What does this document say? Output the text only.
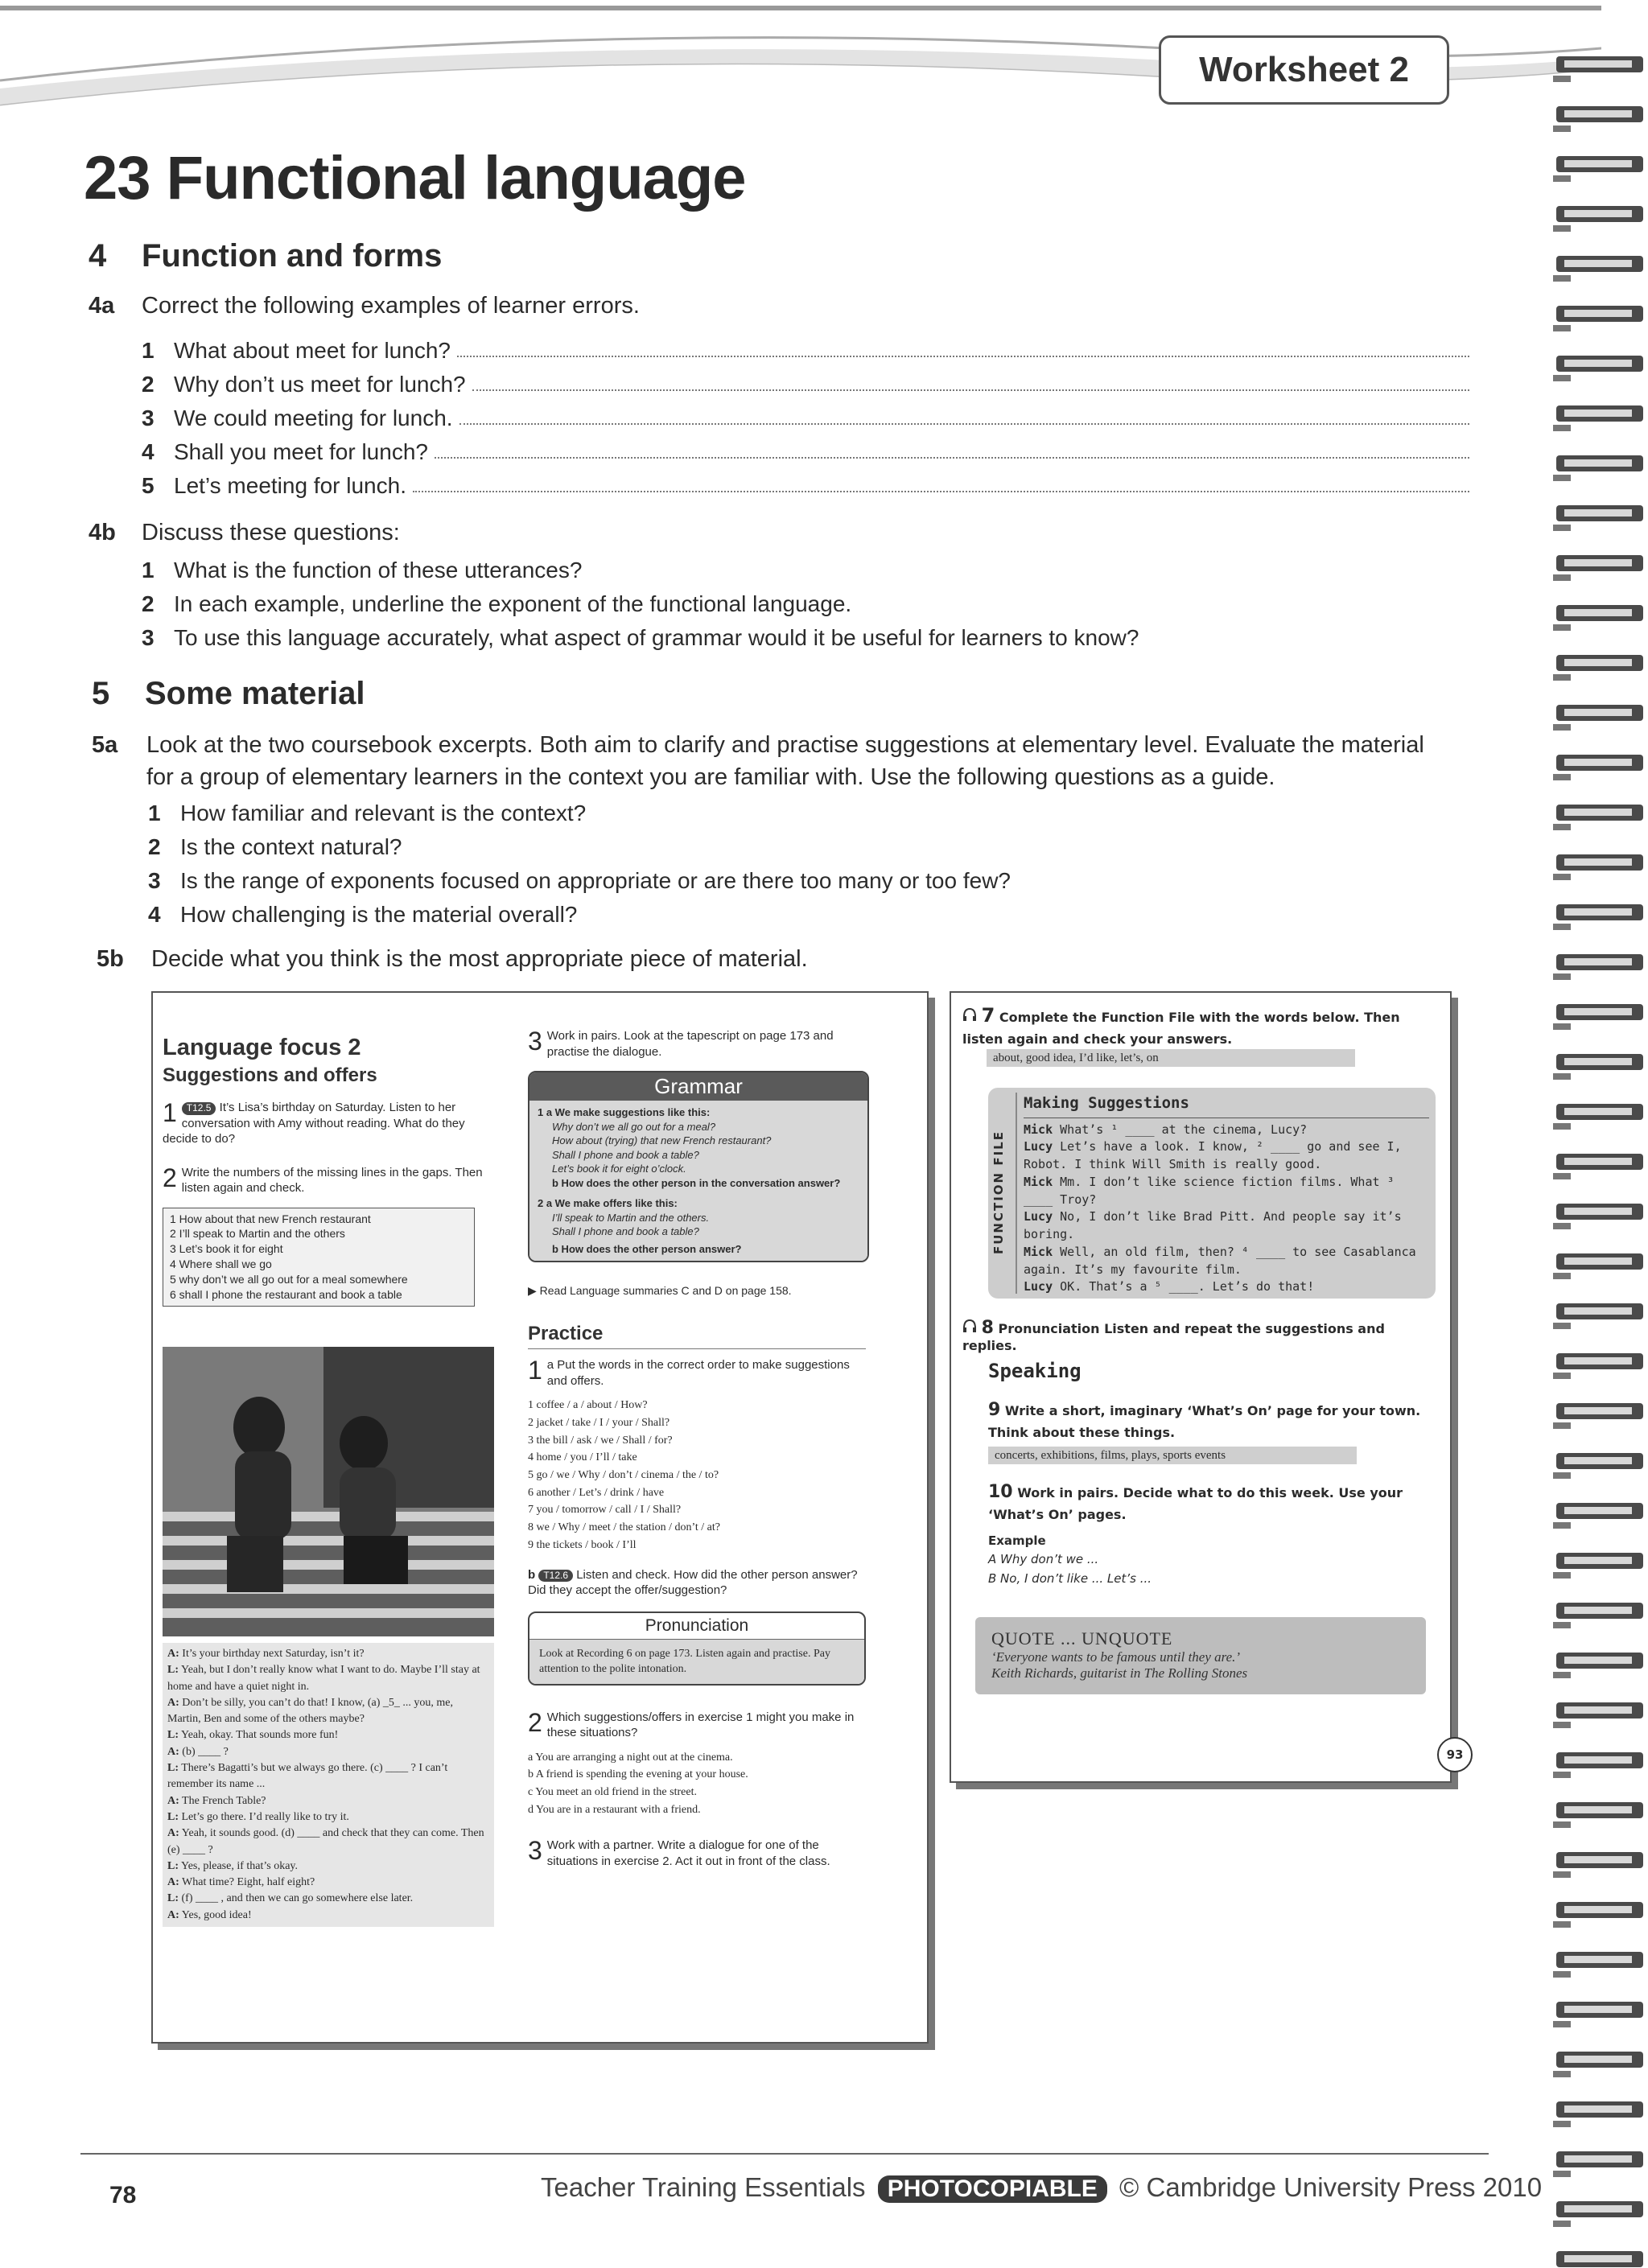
Worksheet 2
23 Functional language
4 Function and forms
4a Correct the following examples of learner errors.
1 What about meet for lunch?
2 Why don’t us meet for lunch?
3 We could meeting for lunch.
4 Shall you meet for lunch?
5 Let’s meeting for lunch.
4b Discuss these questions:
1 What is the function of these utterances?
2 In each example, underline the exponent of the functional language.
3 To use this language accurately, what aspect of grammar would it be useful for learners to know?
5 Some material
5a Look at the two coursebook excerpts. Both aim to clarify and practise suggestions at elementary level. Evaluate the material
for a group of elementary learners in the context you are familiar with. Use the following questions as a guide.
1 How familiar and relevant is the context?
2 Is the context natural?
3 Is the range of exponents focused on appropriate or are there too many or too few?
4 How challenging is the material overall?
5b Decide what you think is the most appropriate piece of material.
Language focus 2
Suggestions and offers
1 T12.5 It’s Lisa’s birthday on Saturday. Listen to her conversation with Amy without reading. What do they decide to do?
2 Write the numbers of the missing lines in the gaps. Then listen again and check.
1 How about that new French restaurant
2 I’ll speak to Martin and the others
3 Let’s book it for eight
4 Where shall we go
5 why don’t we all go out for a meal somewhere
6 shall I phone the restaurant and book a table
A: It’s your birthday next Saturday, isn’t it?
L: Yeah, but I don’t really know what I want to do. Maybe I’ll stay at home and have a quiet night in.
A: Don’t be silly, you can’t do that! I know, (a) _5_ ... you, me, Martin, Ben and some of the others maybe?
L: Yeah, okay. That sounds more fun!
A: (b) ____ ?
L: There’s Bagatti’s but we always go there. (c) ____ ? I can’t remember its name ...
A: The French Table?
L: Let’s go there. I’d really like to try it.
A: Yeah, it sounds good. (d) ____ and check that they can come. Then (e) ____ ?
L: Yes, please, if that’s okay.
A: What time? Eight, half eight?
L: (f) ____ , and then we can go somewhere else later.
A: Yes, good idea!
3 Work in pairs. Look at the tapescript on page 173 and practise the dialogue.
Grammar
1 a We make suggestions like this:
Why don’t we all go out for a meal?
How about (trying) that new French restaurant?
Shall I phone and book a table?
Let’s book it for eight o’clock.
b How does the other person in the conversation answer?
2 a We make offers like this:
I’ll speak to Martin and the others.
Shall I phone and book a table?
b How does the other person answer?
▶ Read Language summaries C and D on page 158.
Practice
1 a Put the words in the correct order to make suggestions and offers.
1 coffee / a / about / How?
2 jacket / take / I / your / Shall?
3 the bill / ask / we / Shall / for?
4 home / you / I’ll / take
5 go / we / Why / don’t / cinema / the / to?
6 another / Let’s / drink / have
7 you / tomorrow / call / I / Shall?
8 we / Why / meet / the station / don’t / at?
9 the tickets / book / I’ll
b T12.6 Listen and check. How did the other person answer? Did they accept the offer/suggestion?
Pronunciation
Look at Recording 6 on page 173. Listen again and practise. Pay attention to the polite intonation.
2 Which suggestions/offers in exercise 1 might you make in these situations?
a You are arranging a night out at the cinema.
b A friend is spending the evening at your house.
c You meet an old friend in the street.
d You are in a restaurant with a friend.
3 Work with a partner. Write a dialogue for one of the situations in exercise 2. Act it out in front of the class.
7 Complete the Function File with the words below. Then listen again and check your answers.
about, good idea, I’d like, let’s, on
FUNCTION FILE
Making Suggestions
Mick What’s ¹ ____ at the cinema, Lucy?
Lucy Let’s have a look. I know, ² ____ go and see I, Robot. I think Will Smith is really good.
Mick Mm. I don’t like science fiction films. What ³ ____ Troy?
Lucy No, I don’t like Brad Pitt. And people say it’s boring.
Mick Well, an old film, then? ⁴ ____ to see Casablanca again. It’s my favourite film.
Lucy OK. That’s a ⁵ ____. Let’s do that!
8 Pronunciation Listen and repeat the suggestions and replies.
Speaking
9 Write a short, imaginary ‘What’s On’ page for your town. Think about these things.
concerts, exhibitions, films, plays, sports events
10 Work in pairs. Decide what to do this week. Use your ‘What’s On’ pages.
Example
A Why don’t we ...
B No, I don’t like ... Let’s ...
QUOTE ... UNQUOTE
‘Everyone wants to be famous until they are.’
Keith Richards, guitarist in The Rolling Stones
93
78	Teacher Training Essentials PHOTOCOPIABLE © Cambridge University Press 2010
